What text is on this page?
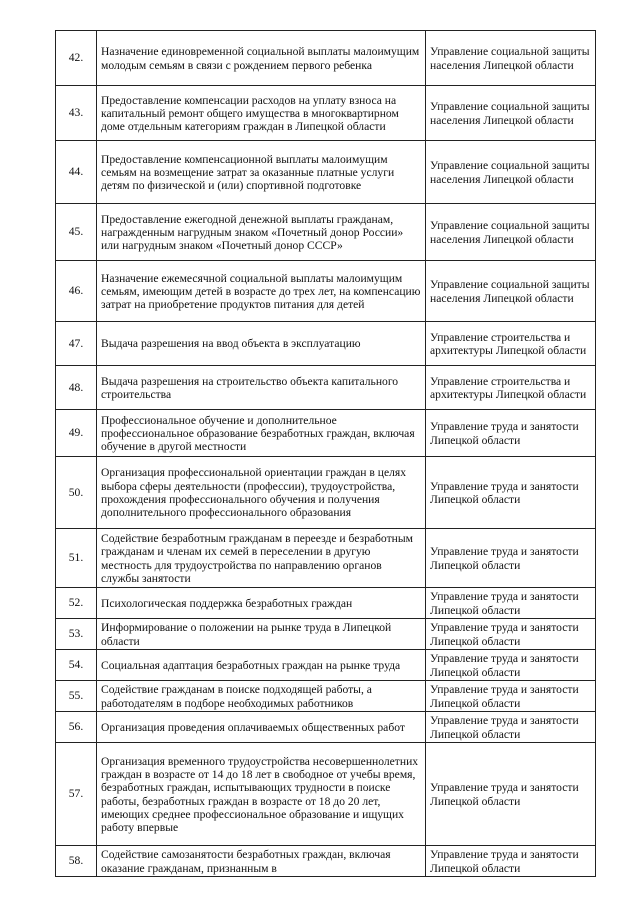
42.	Назначение единовременной социальной выплаты малоимущим молодым семьям в связи с рождением первого ребенка	Управление социальной защиты населения Липецкой области
43.	Предоставление компенсации расходов на уплату взноса на капитальный ремонт общего имущества в многоквартирном доме отдельным категориям граждан в Липецкой области	Управление социальной защиты населения Липецкой области
44.	Предоставление компенсационной выплаты малоимущим семьям на возмещение затрат за оказанные платные услуги детям по физической и (или) спортивной подготовке	Управление социальной защиты населения Липецкой области
45.	Предоставление ежегодной денежной выплаты гражданам, награжденным нагрудным знаком «Почетный донор России» или нагрудным знаком «Почетный донор СССР»	Управление социальной защиты населения Липецкой области
46.	Назначение ежемесячной социальной выплаты малоимущим семьям, имеющим детей в возрасте до трех лет, на компенсацию затрат на приобретение продуктов питания для детей	Управление социальной защиты населения Липецкой области
47.	Выдача разрешения на ввод объекта в эксплуатацию	Управление строительства и архитектуры Липецкой области
48.	Выдача разрешения на строительство объекта капитального строительства	Управление строительства и архитектуры Липецкой области
49.	Профессиональное обучение и дополнительное профессиональное образование безработных граждан, включая обучение в другой местности	Управление труда и занятости Липецкой области
50.	Организация профессиональной ориентации граждан в целях выбора сферы деятельности (профессии), трудоустройства, прохождения профессионального обучения и получения дополнительного профессионального образования	Управление труда и занятости Липецкой области
51.	Содействие безработным гражданам в переезде и безработным гражданам и членам их семей в переселении в другую местность для трудоустройства по направлению органов службы занятости	Управление труда и занятости Липецкой области
52.	Психологическая поддержка безработных граждан	Управление труда и занятости Липецкой области
53.	Информирование о положении на рынке труда в Липецкой области	Управление труда и занятости Липецкой области
54.	Социальная адаптация безработных граждан на рынке труда	Управление труда и занятости Липецкой области
55.	Содействие гражданам в поиске подходящей работы, а работодателям в подборе необходимых работников	Управление труда и занятости Липецкой области
56.	Организация проведения оплачиваемых общественных работ	Управление труда и занятости Липецкой области
57.	Организация временного трудоустройства несовершеннолетних граждан в возрасте от 14 до 18 лет в свободное от учебы время, безработных граждан, испытывающих трудности в поиске работы, безработных граждан в возрасте от 18 до 20 лет, имеющих среднее профессиональное образование и ищущих работу впервые	Управление труда и занятости Липецкой области
58.	Содействие самозанятости безработных граждан, включая оказание гражданам, признанным в	Управление труда и занятости Липецкой области
